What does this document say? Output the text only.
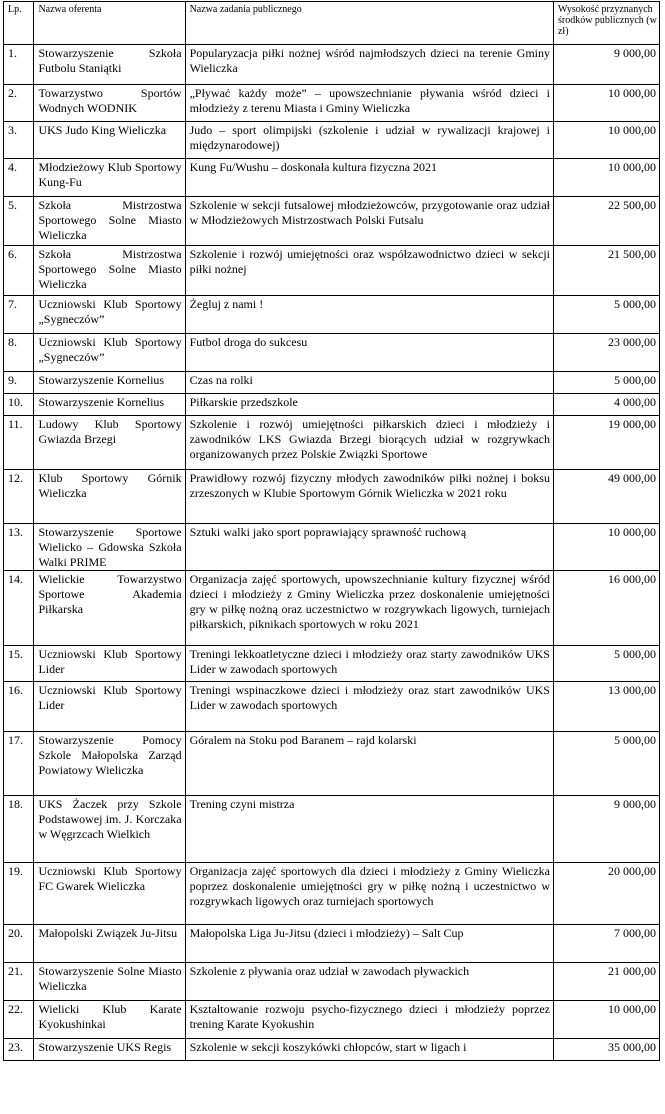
Lp.	Nazwa oferenta	Nazwa zadania publicznego	Wysokość przyznanych środków publicznych (w zł)
1.	Stowarzyszenie Szkoła Futbolu Staniątki	Popularyzacja piłki nożnej wśród najmłodszych dzieci na terenie Gminy Wieliczka	9 000,00
2.	Towarzystwo Sportów Wodnych WODNIK	„Pływać każdy może” – upowszechnianie pływania wśród dzieci i młodzieży z terenu Miasta i Gminy Wieliczka	10 000,00
3.	UKS Judo King Wieliczka	Judo – sport olimpijski (szkolenie i udział w rywalizacji krajowej i międzynarodowej)	10 000,00
4.	Młodzieżowy Klub Sportowy Kung-Fu	Kung Fu/Wushu – doskonała kultura fizyczna 2021	10 000,00
5.	Szkoła Mistrzostwa Sportowego Solne Miasto Wieliczka	Szkolenie w sekcji futsalowej młodzieżowców, przygotowanie oraz udział w Młodzieżowych Mistrzostwach Polski Futsalu	22 500,00
6.	Szkoła Mistrzostwa Sportowego Solne Miasto Wieliczka	Szkolenie i rozwój umiejętności oraz współzawodnictwo dzieci w sekcji piłki nożnej	21 500,00
7.	Uczniowski Klub Sportowy „Sygneczów”	Żegluj z nami !	5 000,00
8.	Uczniowski Klub Sportowy „Sygneczów”	Futbol droga do sukcesu	23 000,00
9.	Stowarzyszenie Kornelius	Czas na rolki	5 000,00
10.	Stowarzyszenie Kornelius	Piłkarskie przedszkole	4 000,00
11.	Ludowy Klub Sportowy Gwiazda Brzegi	Szkolenie i rozwój umiejętności piłkarskich dzieci i młodzieży i zawodników LKS Gwiazda Brzegi biorących udział w rozgrywkach organizowanych przez Polskie Związki Sportowe	19 000,00
12.	Klub Sportowy Górnik Wieliczka	Prawidłowy rozwój fizyczny młodych zawodników piłki nożnej i boksu zrzeszonych w Klubie Sportowym Górnik Wieliczka w 2021 roku	49 000,00
13.	Stowarzyszenie Sportowe Wielicko – Gdowska Szkoła Walki PRIME	Sztuki walki jako sport poprawiający sprawność ruchową	10 000,00
14.	Wielickie Towarzystwo Sportowe Akademia Piłkarska	Organizacja zajęć sportowych, upowszechnianie kultury fizycznej wśród dzieci i młodzieży z Gminy Wieliczka przez doskonalenie umiejętności gry w piłkę nożną oraz uczestnictwo w rozgrywkach ligowych, turniejach piłkarskich, piknikach sportowych w roku 2021	16 000,00
15.	Uczniowski Klub Sportowy Lider	Treningi lekkoatletyczne dzieci i młodzieży oraz starty zawodników UKS Lider w zawodach sportowych	5 000,00
16.	Uczniowski Klub Sportowy Lider	Treningi wspinaczkowe dzieci i młodzieży oraz start zawodników UKS Lider w zawodach sportowych	13 000,00
17.	Stowarzyszenie Pomocy Szkole Małopolska Zarząd Powiatowy Wieliczka	Góralem na Stoku pod Baranem – rajd kolarski	5 000,00
18.	UKS Żaczek przy Szkole Podstawowej im. J. Korczaka w Węgrzcach Wielkich	Trening czyni mistrza	9 000,00
19.	Uczniowski Klub Sportowy FC Gwarek Wieliczka	Organizacja zajęć sportowych dla dzieci i młodzieży z Gminy Wieliczka poprzez doskonalenie umiejętności gry w piłkę nożną i uczestnictwo w rozgrywkach ligowych oraz turniejach sportowych	20 000,00
20.	Małopolski Związek Ju-Jitsu	Małopolska Liga Ju-Jitsu (dzieci i młodzieży) – Salt Cup	7 000,00
21.	Stowarzyszenie Solne Miasto Wieliczka	Szkolenie z pływania oraz udział w zawodach pływackich	21 000,00
22.	Wielicki Klub Karate Kyokushinkai	Kształtowanie rozwoju psycho-fizycznego dzieci i młodzieży poprzez trening Karate Kyokushin	10 000,00
23.	Stowarzyszenie UKS Regis	Szkolenie w sekcji koszykówki chłopców, start w ligach i	35 000,00
